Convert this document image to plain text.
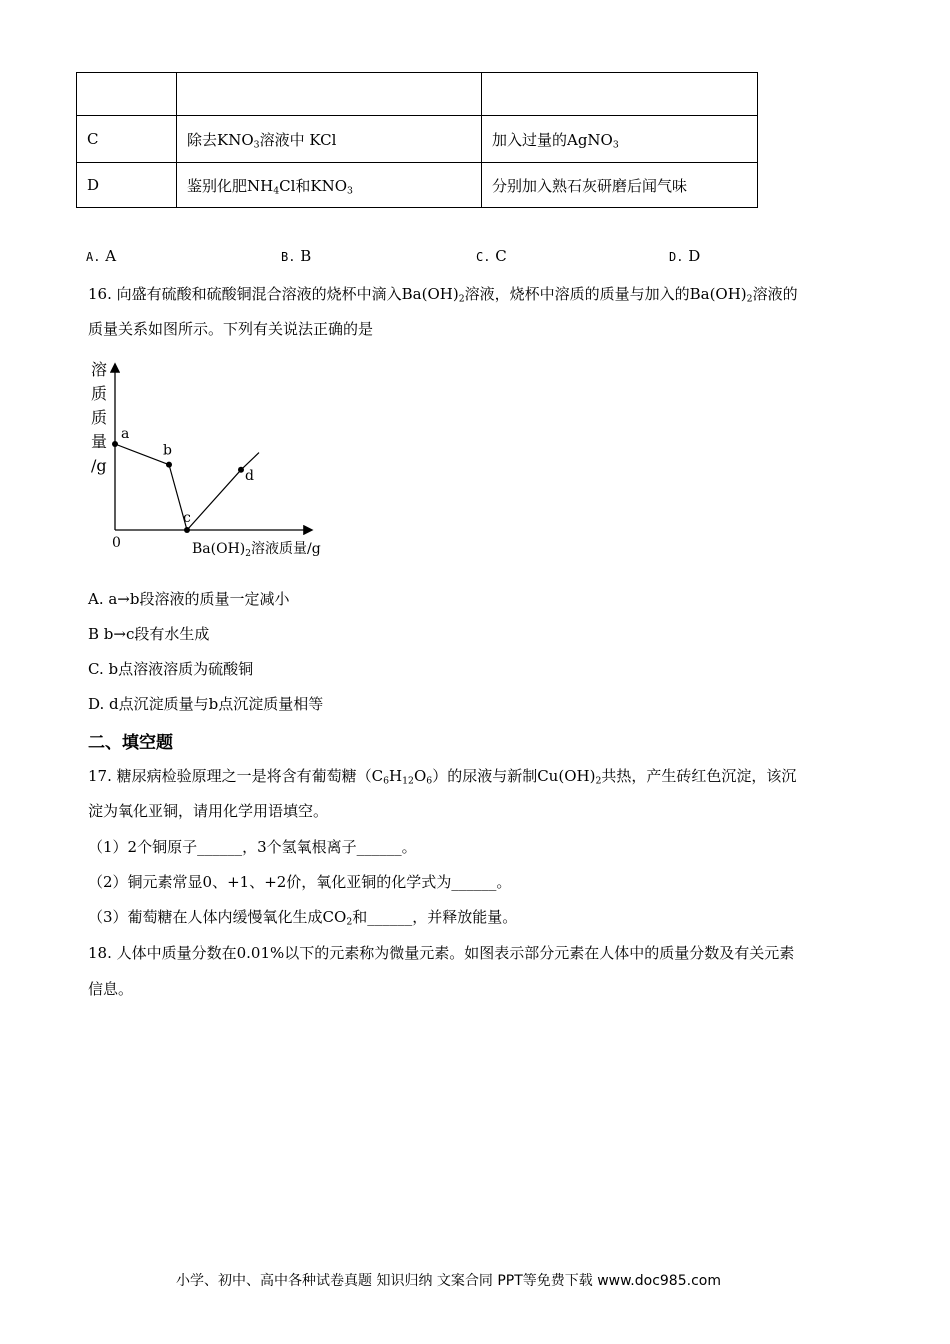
C	除去$KNO_3$溶液中 KCl	加入过量的AgNO$_3$
D	鉴别化肥$NH_4Cl$和$KNO_3$	分别加入熟石灰研磨后闻气味
A. A	B. B	C. C	D. D
16. 向盛有硫酸和硫酸铜混合溶液的烧杯中滴入$Ba(OH)_2$溶液，烧杯中溶质的质量与加入的$Ba(OH)_2$溶液的
质量关系如图所示。下列有关说法正确的是
溶
质
质
量
/g
0	$Ba(OH)_2$溶液质量/g
a
b
c
d
A. a→b段溶液的质量一定减小
B b→c段有水生成
C. b点溶液溶质为硫酸铜
D. d点沉淀质量与b点沉淀质量相等
二、填空题
17. 糖尿病检验原理之一是将含有葡萄糖$(C_6H_{12}O_6)$的尿液与新制$Cu(OH)_2$共热，产生砖红色沉淀，该沉
淀为氧化亚铜，请用化学用语填空。
（1）2个铜原子______，3个氢氧根离子______。
（2）铜元素常显0、+1、+2价，氧化亚铜的化学式为______。
（3）葡萄糖在人体内缓慢氧化生成$CO_2$和______，并释放能量。
18. 人体中质量分数在0.01%以下的元素称为微量元素。如图表示部分元素在人体中的质量分数及有关元素
信息。
小学、初中、高中各种试卷真题 知识归纳 文案合同 PPT等免费下载 www.doc985.com
